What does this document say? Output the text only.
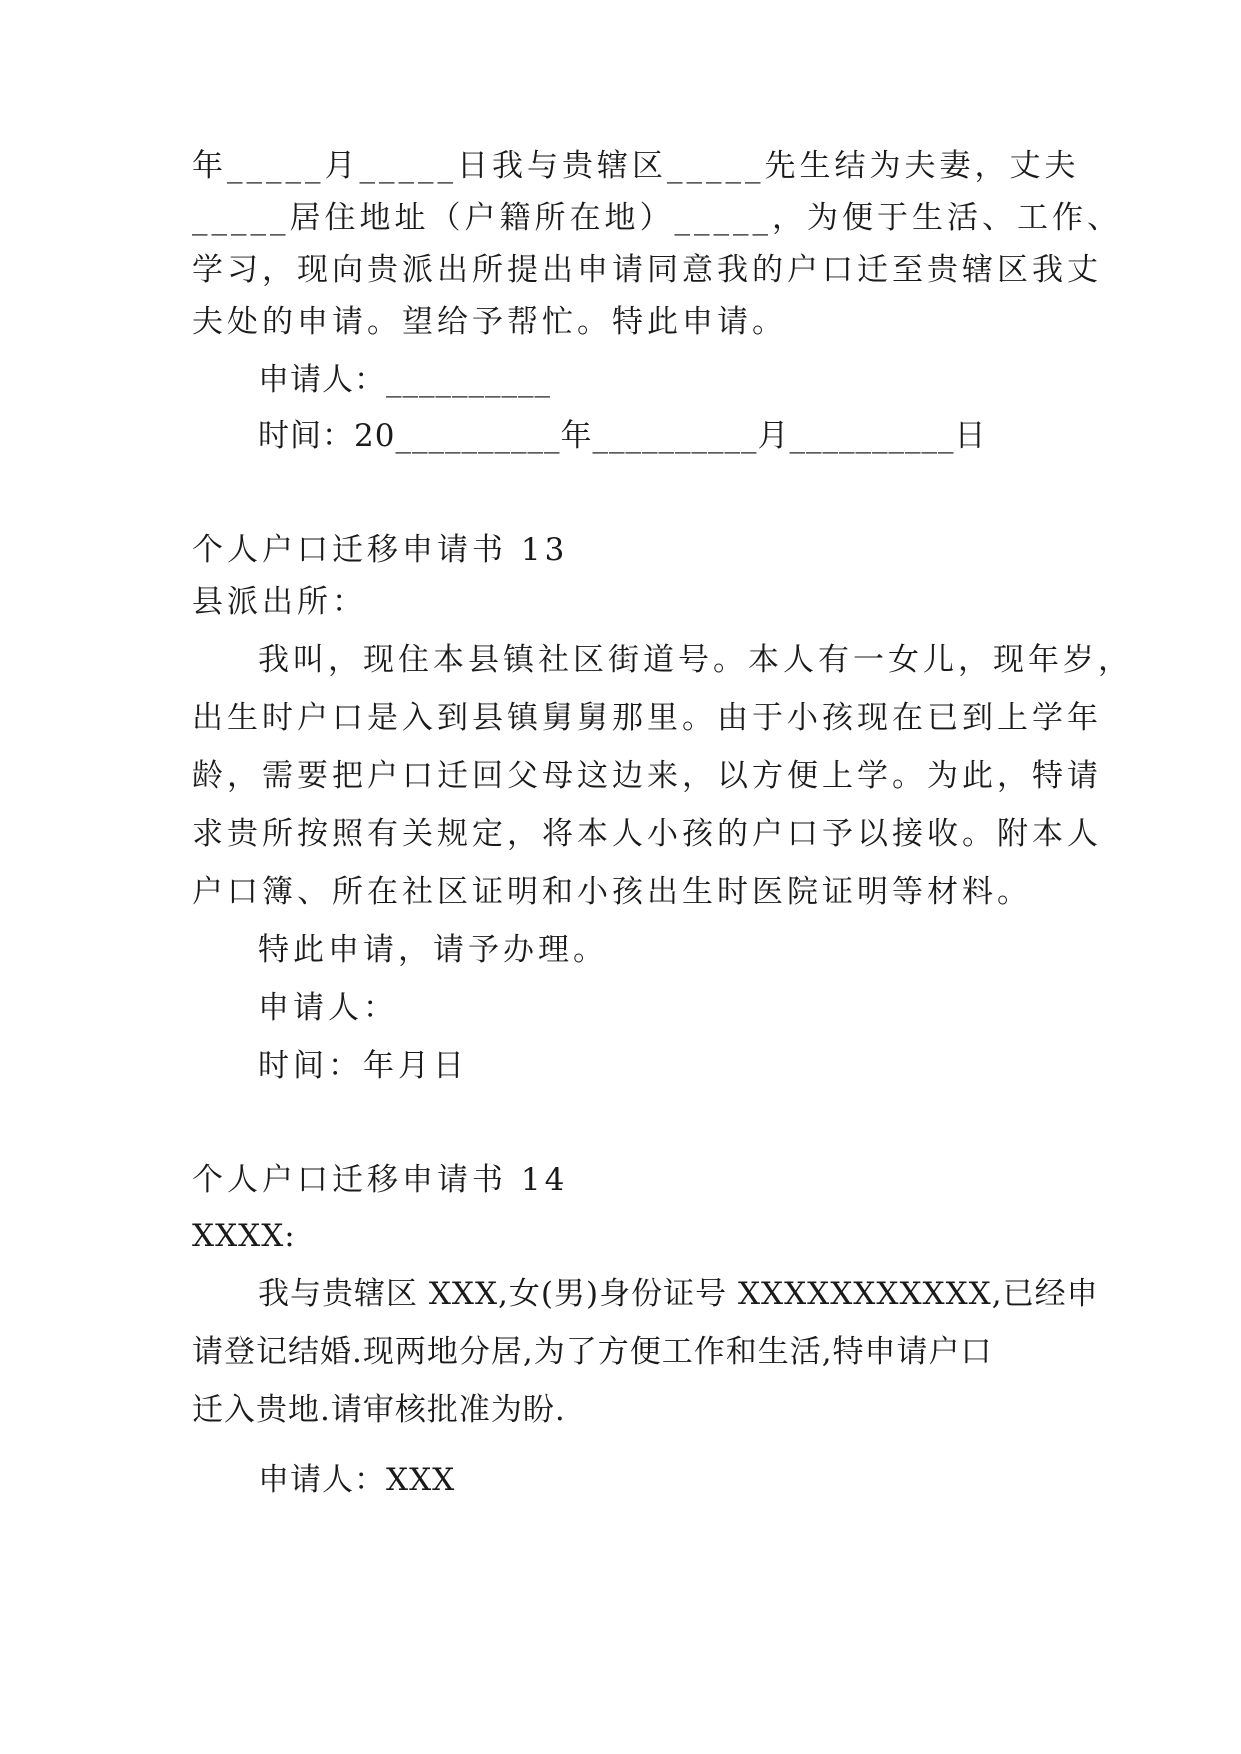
年_____月_____日我与贵辖区_____先生结为夫妻，丈夫

_____居住地址（户籍所在地）_____，为便于生活、工作、

学习，现向贵派出所提出申请同意我的户口迁至贵辖区我丈

夫处的申请。望给予帮忙。特此申请。

申请人：__________

时间：20__________年__________月__________日

个人户口迁移申请书 13

县派出所：

我叫，现住本县镇社区街道号。本人有一女儿，现年岁，

出生时户口是入到县镇舅舅那里。由于小孩现在已到上学年

龄，需要把户口迁回父母这边来，以方便上学。为此，特请

求贵所按照有关规定，将本人小孩的户口予以接收。附本人

户口簿、所在社区证明和小孩出生时医院证明等材料。

特此申请，请予办理。

申请人：

时间：年月日

个人户口迁移申请书 14

XXXX:

我与贵辖区 XXX,女(男)身份证号 XXXXXXXXXXX,已经申

请登记结婚.现两地分居,为了方便工作和生活,特申请户口

迁入贵地.请审核批准为盼.

申请人：XXX
